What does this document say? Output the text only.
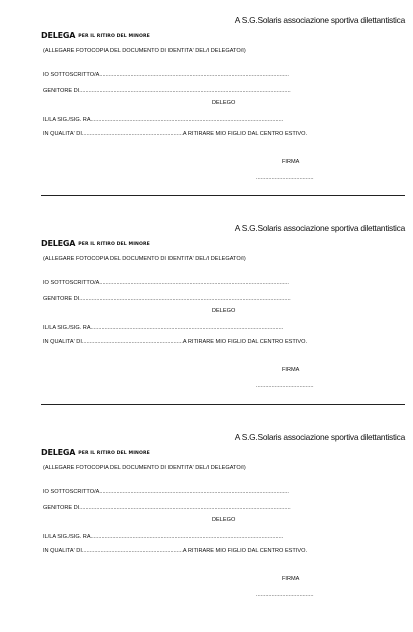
A S.G.Solaris associazione sportiva dilettantistica
DELEGA PER IL RITIRO DEL MINORE
(ALLEGARE FOTOCOPIA DEL DOCUMENTO DI IDENTITA' DEL/I DELEGATO/I)
IO SOTTOSCRITTO/A..........................................................................................................................
GENITORE DI........................................................................................................................................
DELEGO
IL/LA SIG./SIG. RA............................................................................................................................
IN QUALITA' DI.................................................................A RITIRARE MIO FIGLIO DAL CENTRO ESTIVO.
FIRMA
.....................................
A S.G.Solaris associazione sportiva dilettantistica
DELEGA PER IL RITIRO DEL MINORE
(ALLEGARE FOTOCOPIA DEL DOCUMENTO DI IDENTITA' DEL/I DELEGATO/I)
IO SOTTOSCRITTO/A..........................................................................................................................
GENITORE DI........................................................................................................................................
DELEGO
IL/LA SIG./SIG. RA............................................................................................................................
IN QUALITA' DI.................................................................A RITIRARE MIO FIGLIO DAL CENTRO ESTIVO.
FIRMA
.....................................
A S.G.Solaris associazione sportiva dilettantistica
DELEGA PER IL RITIRO DEL MINORE
(ALLEGARE FOTOCOPIA DEL DOCUMENTO DI IDENTITA' DEL/I DELEGATO/I)
IO SOTTOSCRITTO/A..........................................................................................................................
GENITORE DI........................................................................................................................................
DELEGO
IL/LA SIG./SIG. RA............................................................................................................................
IN QUALITA' DI.................................................................A RITIRARE MIO FIGLIO DAL CENTRO ESTIVO.
FIRMA
.....................................
